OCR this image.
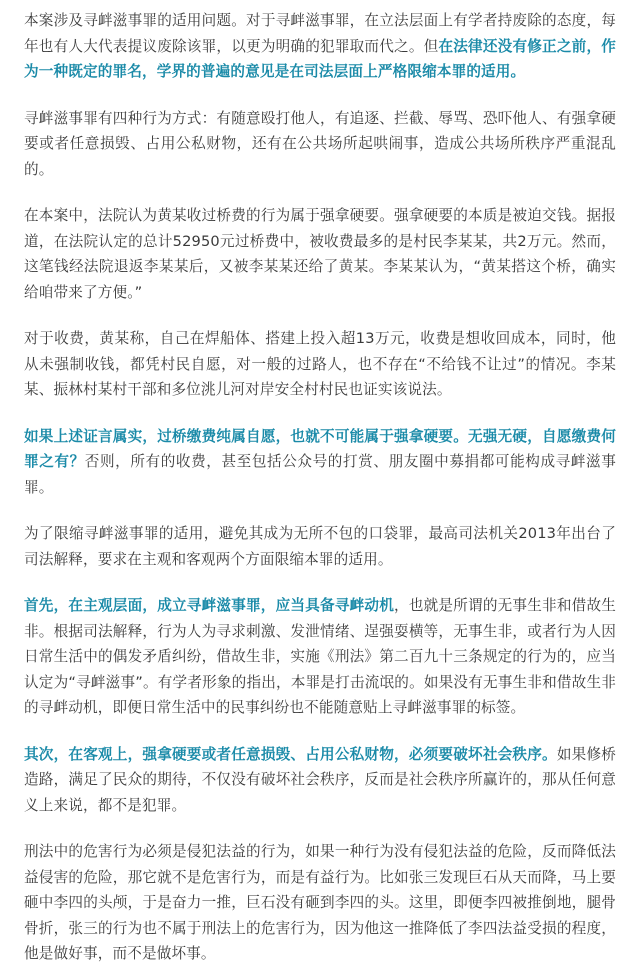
本案涉及寻衅滋事罪的适用问题。对于寻衅滋事罪，在立法层面上有学者持废除的态度，每年也有人大代表提议废除该罪，以更为明确的犯罪取而代之。但在法律还没有修正之前，作为一种既定的罪名，学界的普遍的意见是在司法层面上严格限缩本罪的适用。

寻衅滋事罪有四种行为方式：有随意殴打他人，有追逐、拦截、辱骂、恐吓他人、有强拿硬要或者任意损毁、占用公私财物，还有在公共场所起哄闹事，造成公共场所秩序严重混乱的。

在本案中，法院认为黄某收过桥费的行为属于强拿硬要。强拿硬要的本质是被迫交钱。据报道，在法院认定的总计52950元过桥费中，被收费最多的是村民李某某，共2万元。然而，这笔钱经法院退返李某某后，又被李某某还给了黄某。李某某认为，“黄某搭这个桥，确实给咱带来了方便。”

对于收费，黄某称，自己在焊船体、搭建上投入超13万元，收费是想收回成本，同时，他从未强制收钱，都凭村民自愿，对一般的过路人，也不存在“不给钱不让过”的情况。李某某、振林村某村干部和多位洮儿河对岸安全村村民也证实该说法。

如果上述证言属实，过桥缴费纯属自愿，也就不可能属于强拿硬要。无强无硬，自愿缴费何罪之有？否则，所有的收费，甚至包括公众号的打赏、朋友圈中募捐都可能构成寻衅滋事罪。

为了限缩寻衅滋事罪的适用，避免其成为无所不包的口袋罪，最高司法机关2013年出台了司法解释，要求在主观和客观两个方面限缩本罪的适用。

首先，在主观层面，成立寻衅滋事罪，应当具备寻衅动机，也就是所谓的无事生非和借故生非。根据司法解释，行为人为寻求刺激、发泄情绪、逞强耍横等，无事生非，或者行为人因日常生活中的偶发矛盾纠纷，借故生非，实施《刑法》第二百九十三条规定的行为的，应当认定为“寻衅滋事”。有学者形象的指出，本罪是打击流氓的。如果没有无事生非和借故生非的寻衅动机，即便日常生活中的民事纠纷也不能随意贴上寻衅滋事罪的标签。

其次，在客观上，强拿硬要或者任意损毁、占用公私财物，必须要破坏社会秩序。如果修桥造路，满足了民众的期待，不仅没有破坏社会秩序，反而是社会秩序所赢许的，那从任何意义上来说，都不是犯罪。

刑法中的危害行为必须是侵犯法益的行为，如果一种行为没有侵犯法益的危险，反而降低法益侵害的危险，那它就不是危害行为，而是有益行为。比如张三发现巨石从天而降，马上要砸中李四的头颅，于是奋力一推，巨石没有砸到李四的头。这里，即便李四被推倒地，腿骨骨折，张三的行为也不属于刑法上的危害行为，因为他这一推降低了李四法益受损的程度，他是做好事，而不是做坏事。
